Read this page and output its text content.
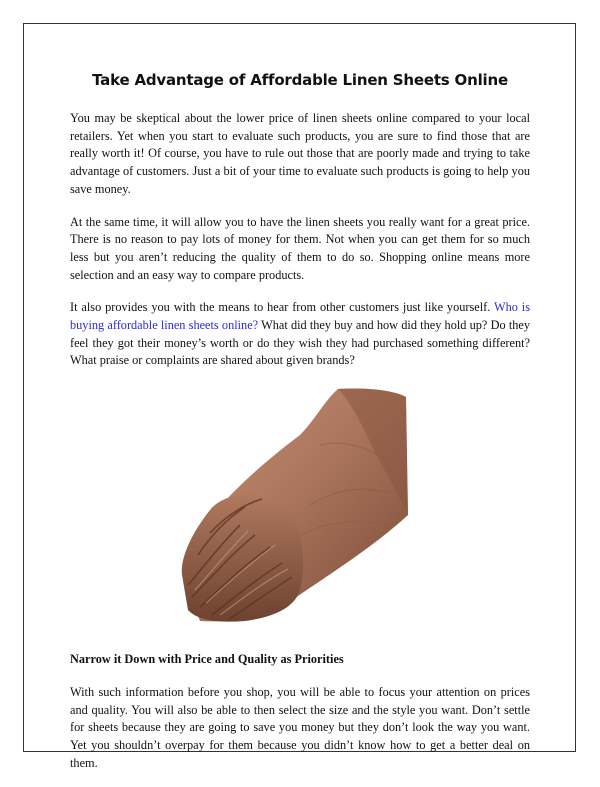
Take Advantage of Affordable Linen Sheets Online

You may be skeptical about the lower price of linen sheets online compared to your local retailers. Yet when you start to evaluate such products, you are sure to find those that are really worth it! Of course, you have to rule out those that are poorly made and trying to take advantage of customers. Just a bit of your time to evaluate such products is going to help you save money.

At the same time, it will allow you to have the linen sheets you really want for a great price. There is no reason to pay lots of money for them. Not when you can get them for so much less but you aren’t reducing the quality of them to do so. Shopping online means more selection and an easy way to compare products.

It also provides you with the means to hear from other customers just like yourself. Who is buying affordable linen sheets online? What did they buy and how did they hold up? Do they feel they got their money’s worth or do they wish they had purchased something different? What praise or complaints are shared about given brands?

Narrow it Down with Price and Quality as Priorities

With such information before you shop, you will be able to focus your attention on prices and quality. You will also be able to then select the size and the style you want. Don’t settle for sheets because they are going to save you money but they don’t look the way you want. Yet you shouldn’t overpay for them because you didn’t know how to get a better deal on them.
